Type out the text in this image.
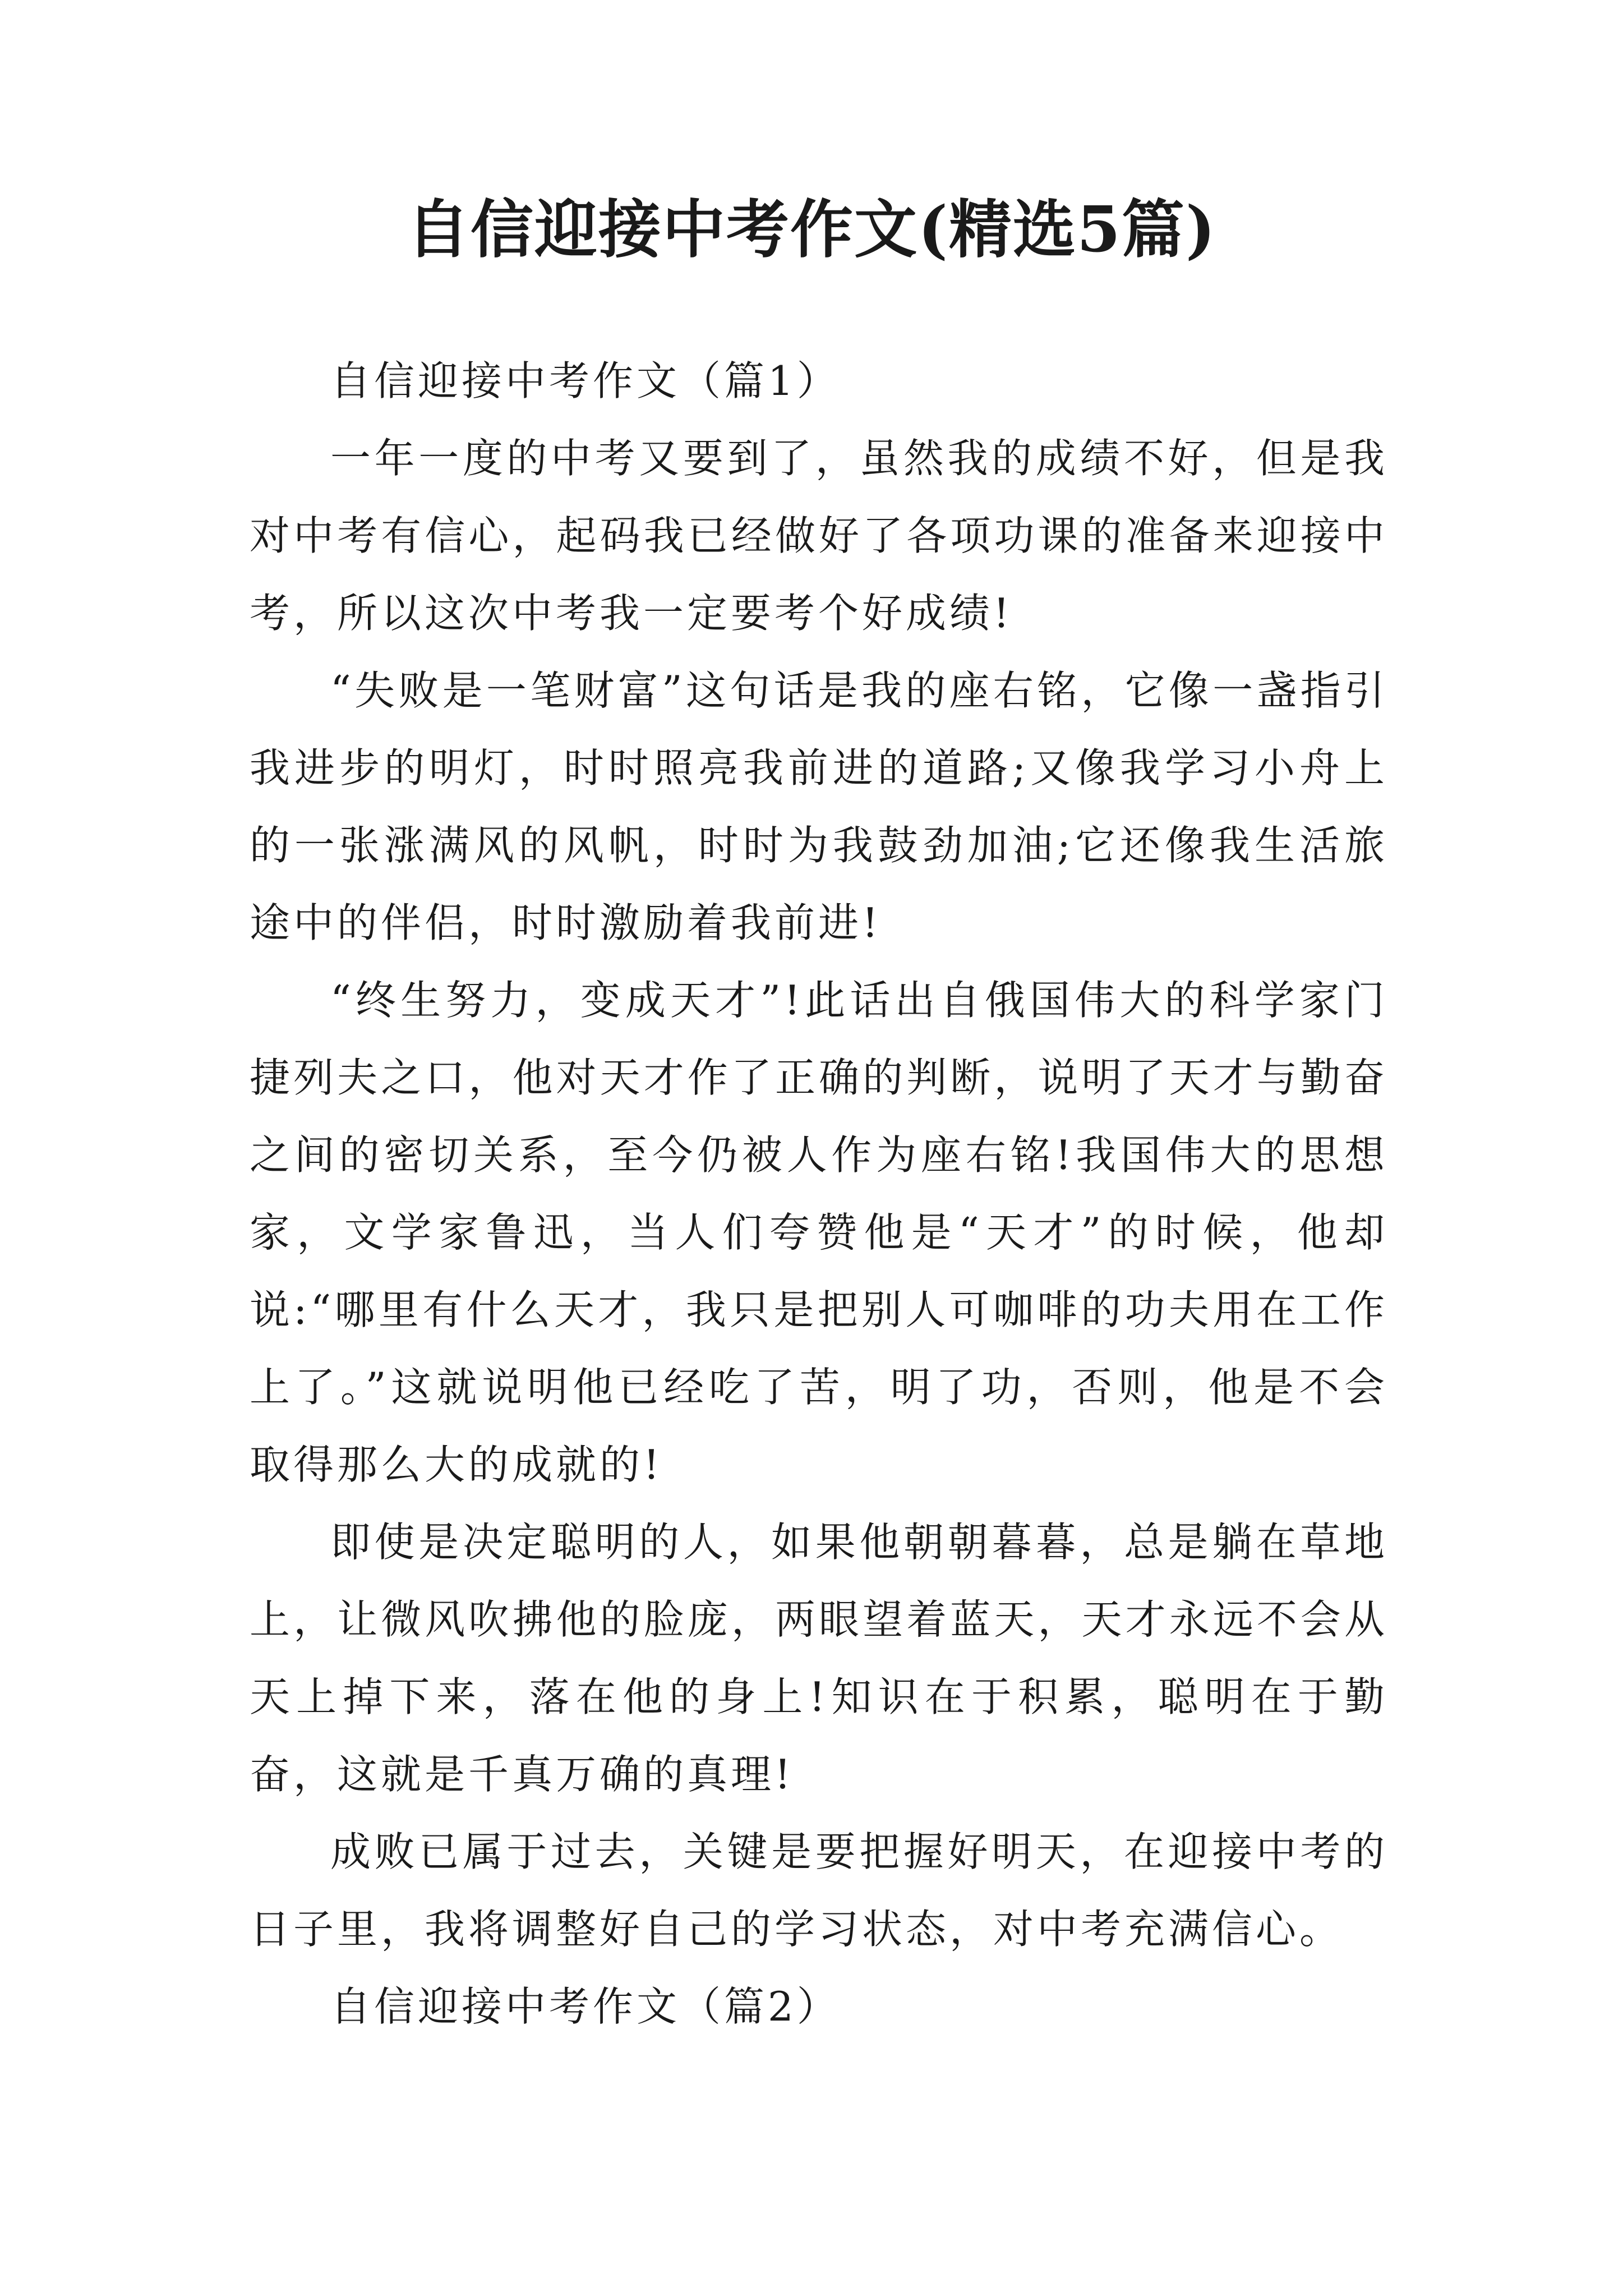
自信迎接中考作文(精选5篇)

自信迎接中考作文（篇1）

一年一度的中考又要到了，虽然我的成绩不好，但是我对中考有信心，起码我已经做好了各项功课的准备来迎接中考，所以这次中考我一定要考个好成绩!

“失败是一笔财富”这句话是我的座右铭，它像一盏指引我进步的明灯，时时照亮我前进的道路;又像我学习小舟上的一张涨满风的风帆，时时为我鼓劲加油;它还像我生活旅途中的伴侣，时时激励着我前进!

“终生努力，变成天才”!此话出自俄国伟大的科学家门捷列夫之口，他对天才作了正确的判断，说明了天才与勤奋之间的密切关系，至今仍被人作为座右铭!我国伟大的思想家，文学家鲁迅，当人们夸赞他是“天才”的时候，他却说:“哪里有什么天才，我只是把别人可咖啡的功夫用在工作上了。”这就说明他已经吃了苦，明了功，否则，他是不会取得那么大的成就的!

即使是决定聪明的人，如果他朝朝暮暮，总是躺在草地上，让微风吹拂他的脸庞，两眼望着蓝天，天才永远不会从天上掉下来，落在他的身上!知识在于积累，聪明在于勤奋，这就是千真万确的真理!

成败已属于过去，关键是要把握好明天，在迎接中考的日子里，我将调整好自己的学习状态，对中考充满信心。

自信迎接中考作文（篇2）
